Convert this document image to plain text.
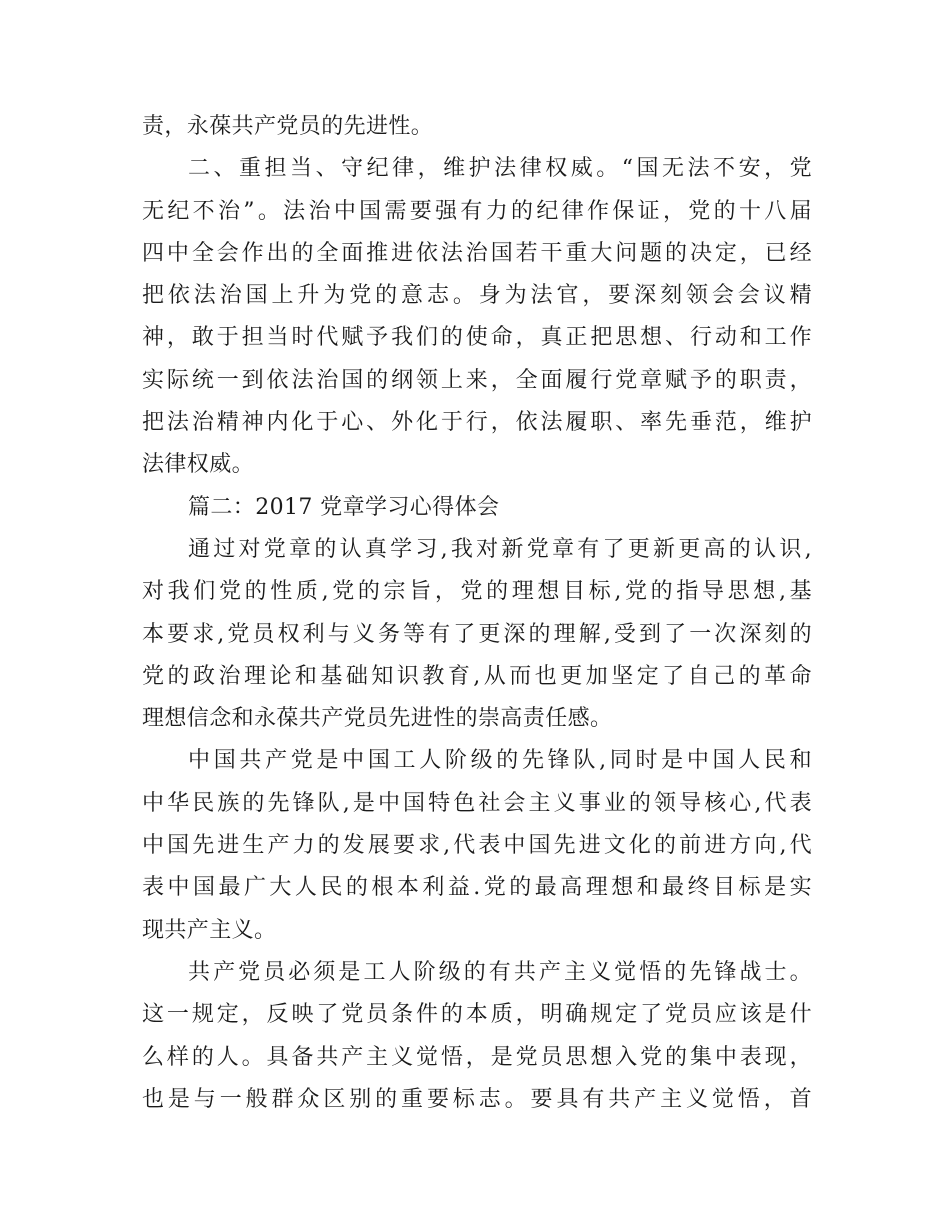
责，永葆共产党员的先进性。
二、重担当、守纪律，维护法律权威。“国无法不安，党
无纪不治”。法治中国需要强有力的纪律作保证，党的十八届
四中全会作出的全面推进依法治国若干重大问题的决定，已经
把依法治国上升为党的意志。身为法官，要深刻领会会议精
神，敢于担当时代赋予我们的使命，真正把思想、行动和工作
实际统一到依法治国的纲领上来，全面履行党章赋予的职责，
把法治精神内化于心、外化于行，依法履职、率先垂范，维护
法律权威。
篇二：2017 党章学习心得体会
通过对党章的认真学习,我对新党章有了更新更高的认识,
对我们党的性质,党的宗旨，党的理想目标,党的指导思想,基
本要求,党员权利与义务等有了更深的理解,受到了一次深刻的
党的政治理论和基础知识教育,从而也更加坚定了自己的革命
理想信念和永葆共产党员先进性的崇高责任感。
中国共产党是中国工人阶级的先锋队,同时是中国人民和
中华民族的先锋队,是中国特色社会主义事业的领导核心,代表
中国先进生产力的发展要求,代表中国先进文化的前进方向,代
表中国最广大人民的根本利益.党的最高理想和最终目标是实
现共产主义。
共产党员必须是工人阶级的有共产主义觉悟的先锋战士。
这一规定，反映了党员条件的本质，明确规定了党员应该是什
么样的人。具备共产主义觉悟，是党员思想入党的集中表现，
也是与一般群众区别的重要标志。要具有共产主义觉悟，首
